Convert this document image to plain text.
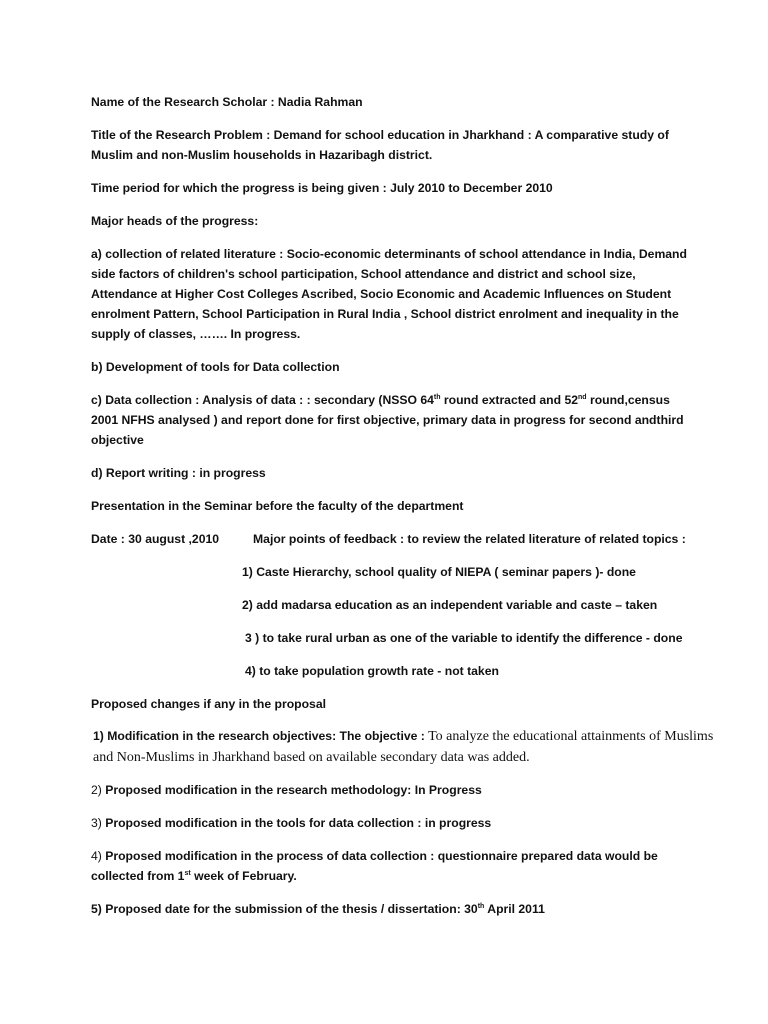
Name of the Research Scholar : Nadia Rahman

Title of the Research Problem : Demand for school education in Jharkhand : A comparative study of Muslim and non-Muslim households in Hazaribagh district.

Time period for which the progress is being given : July 2010 to December 2010

Major heads of the progress:

a) collection of related literature : Socio-economic determinants of school attendance in India, Demand side factors of children's school participation, School attendance and district and school size, Attendance at Higher Cost Colleges Ascribed, Socio Economic and Academic Influences on Student enrolment Pattern, School Participation in Rural India , School district enrolment and inequality in the supply of classes, ……. In progress.

b) Development of tools for Data collection

c) Data collection : Analysis of data : : secondary (NSSO 64th round extracted and 52nd round,census 2001 NFHS analysed ) and report done for first objective, primary data in progress for second andthird objective

d) Report writing : in progress

Presentation in the Seminar before the faculty of the department

Date : 30 august ,2010	Major points of feedback : to review the related literature of related topics :

1) Caste Hierarchy, school quality of NIEPA ( seminar papers )- done

2) add madarsa education as an independent variable and caste – taken

3 ) to take rural urban as one of the variable to identify the difference - done

4) to take population growth rate - not taken

Proposed changes if any in the proposal

1) Modification in the research objectives: The objective : To analyze the educational attainments of Muslims and Non-Muslims in Jharkhand based on available secondary data was added.

2) Proposed modification in the research methodology: In Progress

3) Proposed modification in the tools for data collection : in progress

4) Proposed modification in the process of data collection : questionnaire prepared data would be collected from 1st week of February.

5) Proposed date for the submission of the thesis / dissertation: 30th April 2011
